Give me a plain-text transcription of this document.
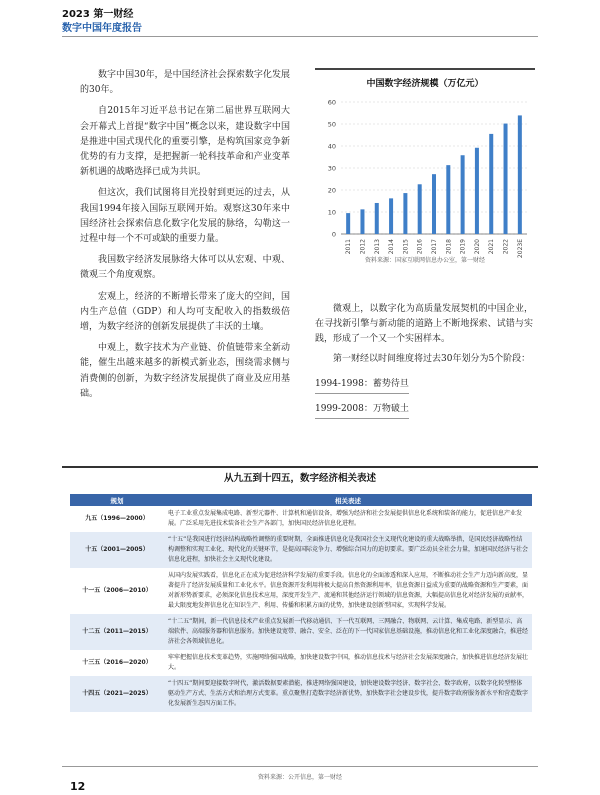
2023 第一财经
数字中国年度报告

数字中国30年，是中国经济社会探索数字化发展的30年。

自2015年习近平总书记在第二届世界互联网大会开幕式上首提“数字中国”概念以来，建设数字中国是推进中国式现代化的重要引擎，是构筑国家竞争新优势的有力支撑，是把握新一轮科技革命和产业变革新机遇的战略选择已成为共识。

但这次，我们试图将目光投射到更远的过去，从我国1994年接入国际互联网开始。观察这30年来中国经济社会探索信息化数字化发展的脉络，勾勒这一过程中每一个不可或缺的重要力量。

我国数字经济发展脉络大体可以从宏观、中观、微观三个角度观察。

宏观上，经济的不断增长带来了庞大的空间，国内生产总值（GDP）和人均可支配收入的指数级倍增，为数字经济的创新发展提供了丰沃的土壤。

中观上，数字技术为产业链、价值链带来全新动能，催生出越来越多的新模式新业态，围绕需求侧与消费侧的创新，为数字经济发展提供了商业及应用基础。

中国数字经济规模（万亿元）
0
10
20
30
40
50
60
2011 2012 2013 2014 2015 2016 2017 2018 2019 2020 2021 2022 2023E
资料来源：国家互联网信息办公室，第一财经

微观上，以数字化为高质量发展契机的中国企业，在寻找新引擎与新动能的道路上不断地探索、试错与实践，形成了一个又一个实困样本。

第一财经以时间维度将过去30年划分为5个阶段：

1994-1998：蓄势待旦

1999-2008：万物破土

从九五到十四五，数字经济相关表述
规划	相关表述
九五（1996—2000）	电子工业重点发展集成电路、新型元器件、计算机和通信设备，增强为经济和社会发展提供信息化系统和装备的能力，促进信息产业发展。广泛采用先进技术装备社会生产各部门，加快国民经济信息化进程。
十五（2001—2005）	“十五”是我国进行经济结构战略性调整的重要时期，全面推进信息化是我国社会主义现代化建设的重大战略举措，是国民经济战略性结构调整和实现工业化、现代化的关键环节，是提高国际竞争力、增强综合国力的迫切要求。要广泛动员全社会力量，加速国民经济与社会信息化进程，加快社会主义现代化建设。
十一五（2006—2010）	从国内发展实践看，信息化正在成为促进经济科学发展的重要手段。信息化的全面渗透和深入应用，不断推动社会生产力迈向新高度，显著提升了经济发展质量和工业化水平。信息资源开发利用将极大提高自然资源利用率，信息资源日益成为重要的战略资源和生产要素，面对新形势新要求，必须深化信息技术应用，深度开发生产、流通和其他经济运行领域的信息资源，大幅提高信息化对经济发展的贡献率，最大限度地发挥信息化在知识生产、利用、传播和积累方面的优势，加快建设创新型国家，实现科学发展。
十二五（2011—2015）	“十二五”期间，新一代信息技术产业重点发展新一代移动通信、下一代互联网、三网融合、物联网、云计算、集成电路、新型显示、高端软件、高端服务器和信息服务。加快建设宽带、融合、安全、泛在的下一代国家信息基础设施，推动信息化和工业化深度融合，推进经济社会各领域信息化。
十三五（2016—2020）	牢牢把握信息技术变革趋势，实施网络强国战略，加快建设数字中国，推动信息技术与经济社会发展深度融合，加快推进信息经济发展壮大。
十四五（2021—2025）	“十四五”期间要迎接数字时代，激活数据要素潜能，推进网络强国建设，加快建设数字经济、数字社会、数字政府，以数字化转型整体驱动生产方式、生活方式和治理方式变革。重点聚焦打造数字经济新优势，加快数字社会建设步伐，提升数字政府服务新水平和营造数字化发展新生态四方面工作。
资料来源：公开信息，第一财经
12
